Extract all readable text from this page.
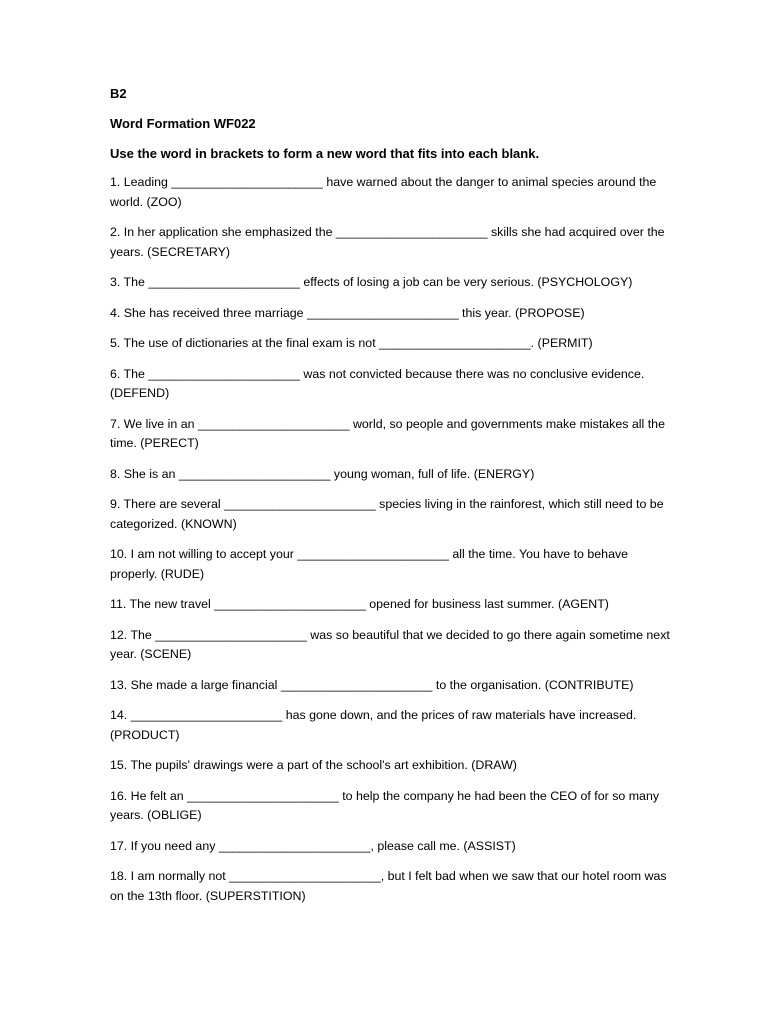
B2

Word Formation WF022

Use the word in brackets to form a new word that fits into each blank.

1. Leading ______________________ have warned about the danger to animal species around the world. (ZOO)
2. In her application she emphasized the ______________________ skills she had acquired over the years. (SECRETARY)
3. The ______________________ effects of losing a job can be very serious. (PSYCHOLOGY)
4. She has received three marriage ______________________ this year. (PROPOSE)
5. The use of dictionaries at the final exam is not ______________________. (PERMIT)
6. The ______________________ was not convicted because there was no conclusive evidence. (DEFEND)
7. We live in an ______________________ world, so people and governments make mistakes all the time. (PERECT)
8. She is an ______________________ young woman, full of life. (ENERGY)
9. There are several ______________________ species living in the rainforest, which still need to be categorized. (KNOWN)
10. I am not willing to accept your ______________________ all the time. You have to behave properly. (RUDE)
11. The new travel ______________________ opened for business last summer. (AGENT)
12. The ______________________ was so beautiful that we decided to go there again sometime next year. (SCENE)
13. She made a large financial ______________________ to the organisation. (CONTRIBUTE)
14. ______________________ has gone down, and the prices of raw materials have increased. (PRODUCT)
15. The pupils' drawings were a part of the school's art exhibition. (DRAW)
16. He felt an ______________________ to help the company he had been the CEO of for so many years. (OBLIGE)
17. If you need any ______________________, please call me. (ASSIST)
18. I am normally not ______________________, but I felt bad when we saw that our hotel room was on the 13th floor. (SUPERSTITION)
